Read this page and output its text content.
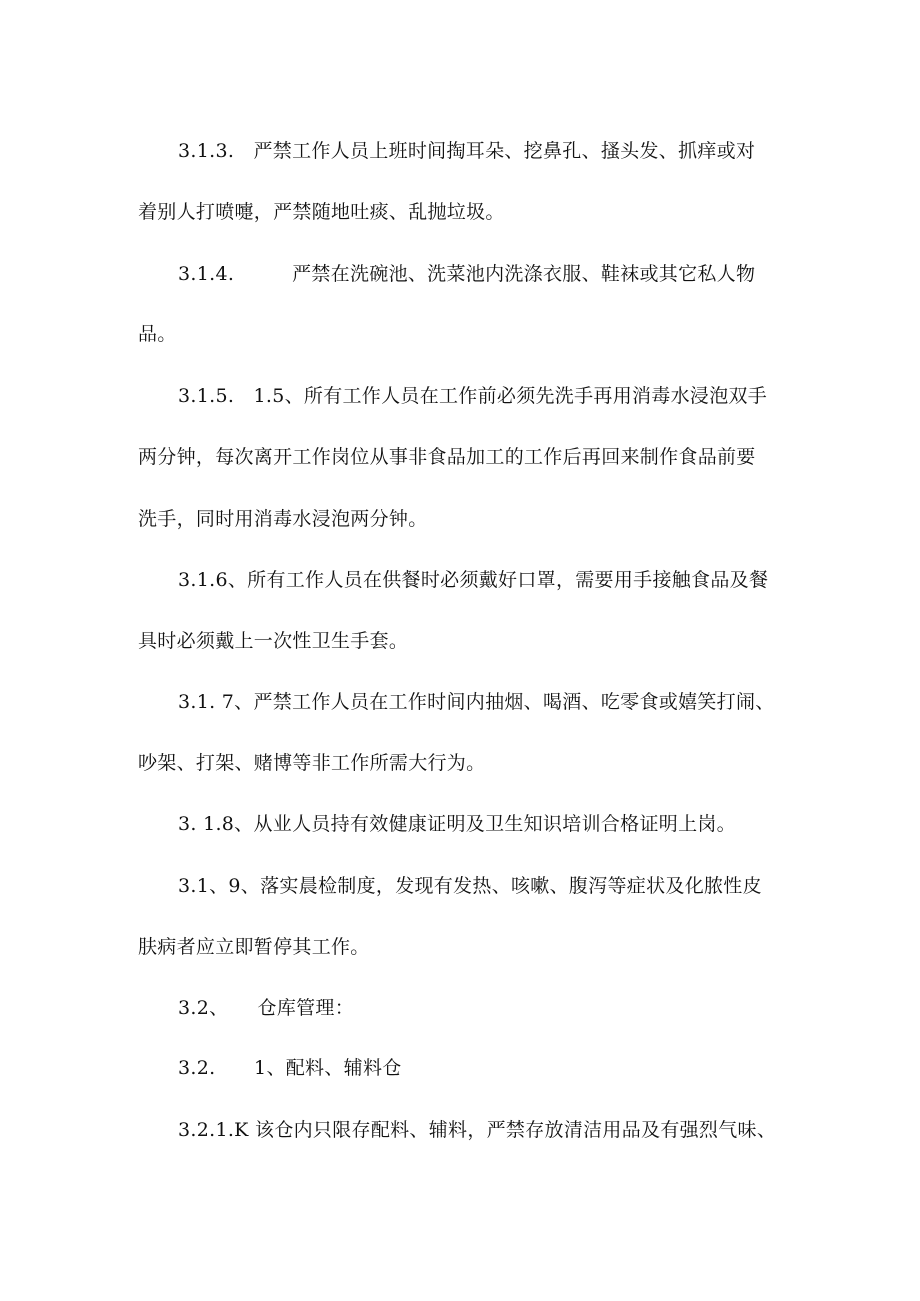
3.1.3.　严禁工作人员上班时间掏耳朵、挖鼻孔、搔头发、抓痒或对
着别人打喷嚏，严禁随地吐痰、乱抛垃圾。
3.1.4.　　　严禁在洗碗池、洗菜池内洗涤衣服、鞋袜或其它私人物
品。
3.1.5.　1.5、所有工作人员在工作前必须先洗手再用消毒水浸泡双手
两分钟，每次离开工作岗位从事非食品加工的工作后再回来制作食品前要
洗手，同时用消毒水浸泡两分钟。
3.1.6、所有工作人员在供餐时必须戴好口罩，需要用手接触食品及餐
具时必须戴上一次性卫生手套。
3.1. 7、严禁工作人员在工作时间内抽烟、喝酒、吃零食或嬉笑打闹、
吵架、打架、赌博等非工作所需大行为。
3. 1.8、从业人员持有效健康证明及卫生知识培训合格证明上岗。
3.1、9、落实晨检制度，发现有发热、咳嗽、腹泻等症状及化脓性皮
肤病者应立即暂停其工作。
3.2、　　仓库管理：
3.2.　　1、配料、辅料仓
3.2.1.K 该仓内只限存配料、辅料，严禁存放清洁用品及有强烈气味、
